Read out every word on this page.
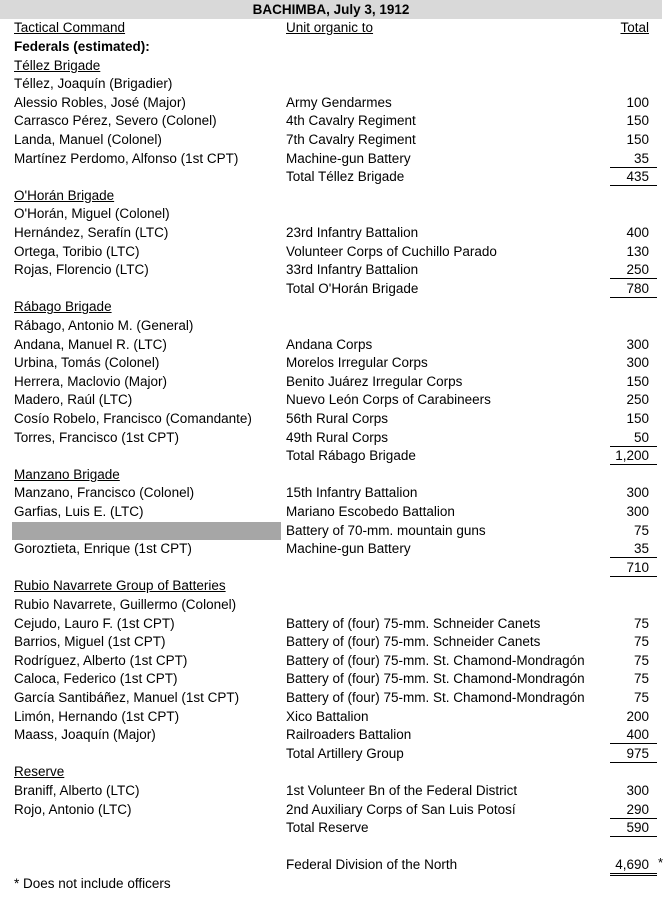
BACHIMBA, July 3, 1912
Tactical Command	Unit organic to	Total
Federals (estimated):
Téllez Brigade
Téllez, Joaquín (Brigadier)
Alessio Robles, José (Major)	Army Gendarmes	100
Carrasco Pérez, Severo (Colonel)	4th Cavalry Regiment	150
Landa, Manuel (Colonel)	7th Cavalry Regiment	150
Martínez Perdomo, Alfonso (1st CPT)	Machine-gun Battery	35
Total Téllez Brigade	435
O'Horán Brigade
O'Horán, Miguel (Colonel)
Hernández, Serafín (LTC)	23rd Infantry Battalion	400
Ortega, Toribio (LTC)	Volunteer Corps of Cuchillo Parado	130
Rojas, Florencio (LTC)	33rd Infantry Battalion	250
Total O'Horán Brigade	780
Rábago Brigade
Rábago, Antonio M. (General)
Andana, Manuel R. (LTC)	Andana Corps	300
Urbina, Tomás (Colonel)	Morelos Irregular Corps	300
Herrera, Maclovio (Major)	Benito Juárez Irregular Corps	150
Madero, Raúl (LTC)	Nuevo León Corps of Carabineers	250
Cosío Robelo, Francisco (Comandante)	56th Rural Corps	150
Torres, Francisco (1st CPT)	49th Rural Corps	50
Total Rábago Brigade	1,200
Manzano Brigade
Manzano, Francisco (Colonel)	15th Infantry Battalion	300
Garfias, Luis E. (LTC)	Mariano Escobedo Battalion	300
Battery of 70-mm. mountain guns	75
Goroztieta, Enrique (1st CPT)	Machine-gun Battery	35
710
Rubio Navarrete Group of Batteries
Rubio Navarrete, Guillermo (Colonel)
Cejudo, Lauro F. (1st CPT)	Battery of (four) 75-mm. Schneider Canets	75
Barrios, Miguel (1st CPT)	Battery of (four) 75-mm. Schneider Canets	75
Rodríguez, Alberto (1st CPT)	Battery of (four) 75-mm. St. Chamond-Mondragón	75
Caloca, Federico (1st CPT)	Battery of (four) 75-mm. St. Chamond-Mondragón	75
García Santibáñez, Manuel (1st CPT)	Battery of (four) 75-mm. St. Chamond-Mondragón	75
Limón, Hernando (1st CPT)	Xico Battalion	200
Maass, Joaquín (Major)	Railroaders Battalion	400
Total Artillery Group	975
Reserve
Braniff, Alberto (LTC)	1st Volunteer Bn of the Federal District	300
Rojo, Antonio (LTC)	2nd Auxiliary Corps of San Luis Potosí	290
Total Reserve	590
Federal Division of the North	4,690 *
* Does not include officers
